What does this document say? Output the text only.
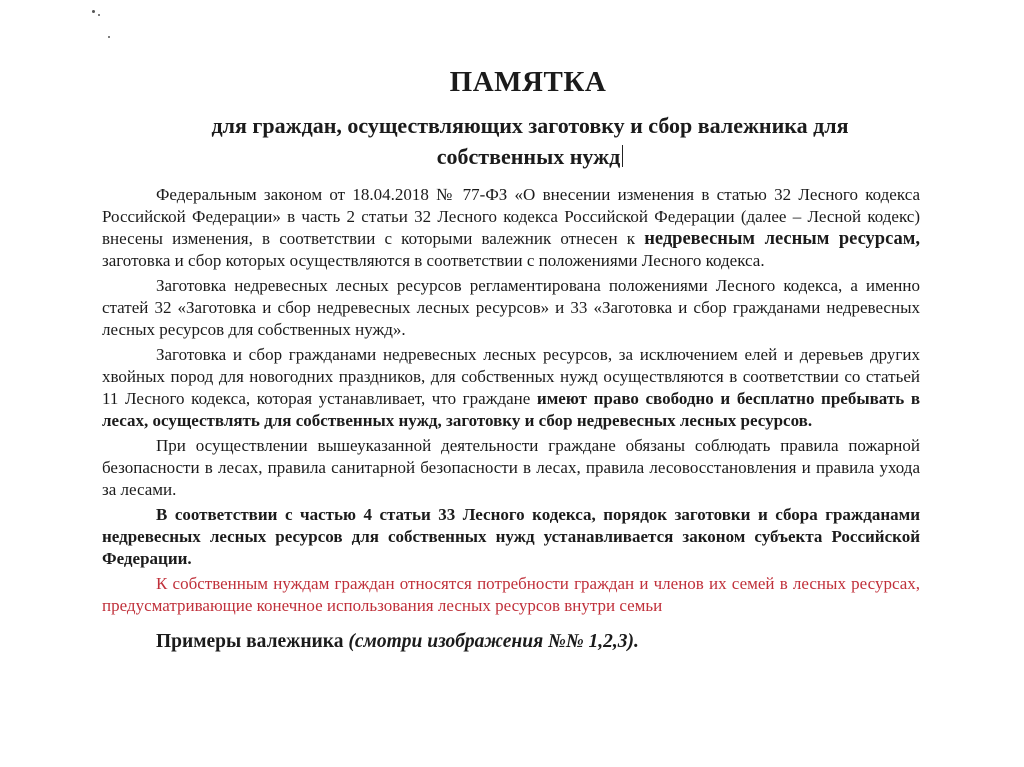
ПАМЯТКА
для граждан, осуществляющих заготовку и сбор валежника для собственных нужд

Федеральным законом от 18.04.2018 № 77-ФЗ «О внесении изменения в статью 32 Лесного кодекса Российской Федерации» в часть 2 статьи 32 Лесного кодекса Российской Федерации (далее – Лесной кодекс) внесены изменения, в соответствии с которыми валежник отнесен к недревесным лесным ресурсам, заготовка и сбор которых осуществляются в соответствии с положениями Лесного кодекса.

Заготовка недревесных лесных ресурсов регламентирована положениями Лесного кодекса, а именно статей 32 «Заготовка и сбор недревесных лесных ресурсов» и 33 «Заготовка и сбор гражданами недревесных лесных ресурсов для собственных нужд».

Заготовка и сбор гражданами недревесных лесных ресурсов, за исключением елей и деревьев других хвойных пород для новогодних праздников, для собственных нужд осуществляются в соответствии со статьей 11 Лесного кодекса, которая устанавливает, что граждане имеют право свободно и бесплатно пребывать в лесах, осуществлять для собственных нужд, заготовку и сбор недревесных лесных ресурсов.

При осуществлении вышеуказанной деятельности граждане обязаны соблюдать правила пожарной безопасности в лесах, правила санитарной безопасности в лесах, правила лесовосстановления и правила ухода за лесами.

В соответствии с частью 4 статьи 33 Лесного кодекса, порядок заготовки и сбора гражданами недревесных лесных ресурсов для собственных нужд устанавливается законом субъекта Российской Федерации.

К собственным нуждам граждан относятся потребности граждан и членов их семей в лесных ресурсах, предусматривающие конечное использования лесных ресурсов внутри семьи

Примеры валежника (смотри изображения №№ 1,2,3).
